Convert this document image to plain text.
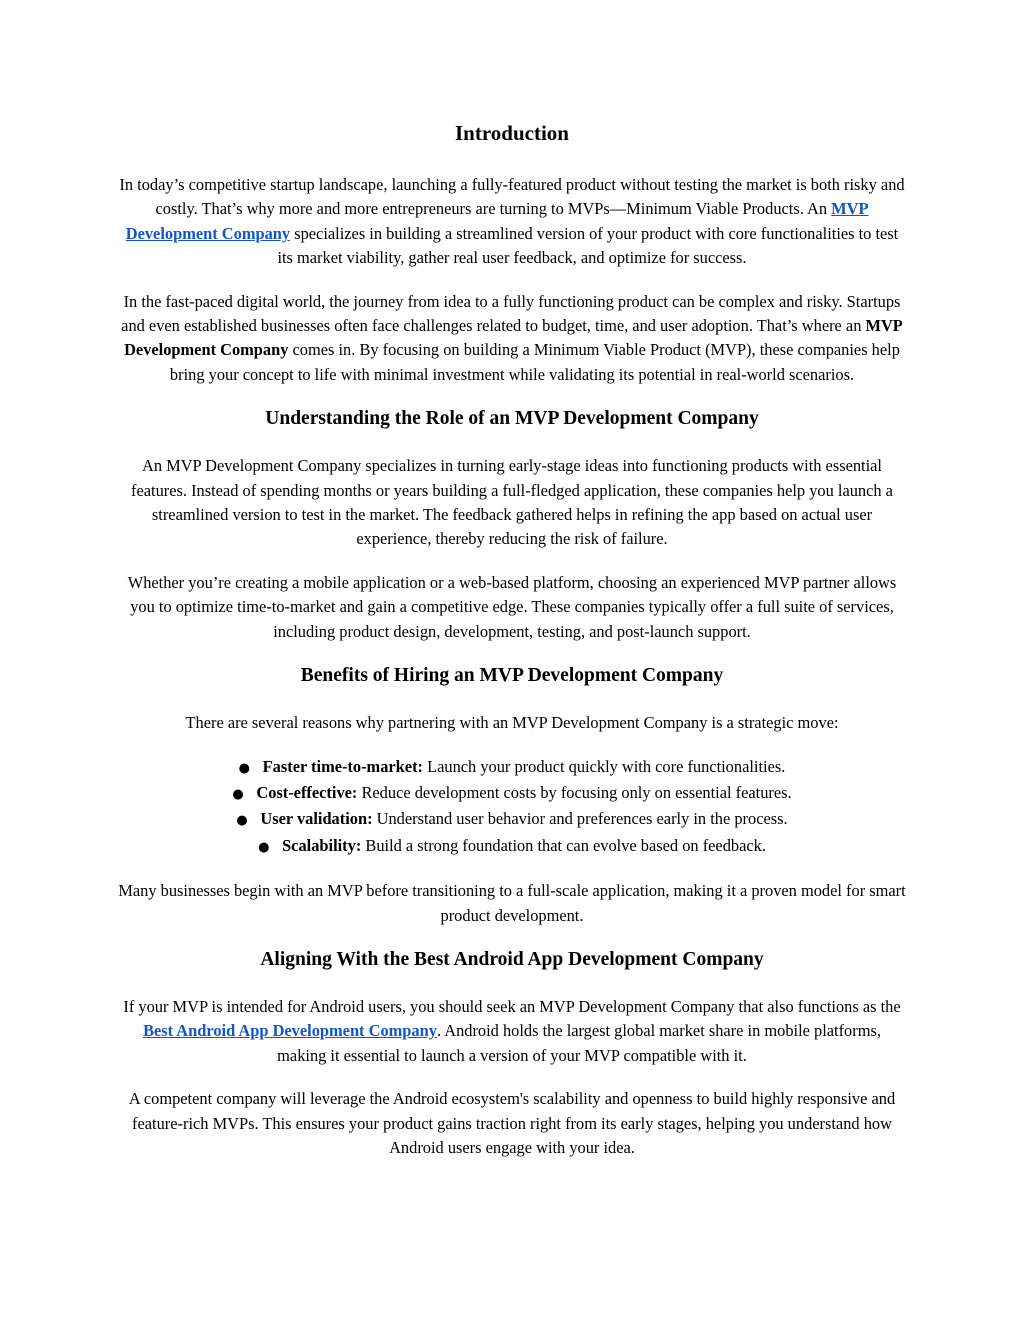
Introduction

In today’s competitive startup landscape, launching a fully-featured product without testing the market is both risky and costly. That’s why more and more entrepreneurs are turning to MVPs—Minimum Viable Products. An MVP Development Company specializes in building a streamlined version of your product with core functionalities to test its market viability, gather real user feedback, and optimize for success.

In the fast-paced digital world, the journey from idea to a fully functioning product can be complex and risky. Startups and even established businesses often face challenges related to budget, time, and user adoption. That’s where an MVP Development Company comes in. By focusing on building a Minimum Viable Product (MVP), these companies help bring your concept to life with minimal investment while validating its potential in real-world scenarios.

Understanding the Role of an MVP Development Company

An MVP Development Company specializes in turning early-stage ideas into functioning products with essential features. Instead of spending months or years building a full-fledged application, these companies help you launch a streamlined version to test in the market. The feedback gathered helps in refining the app based on actual user experience, thereby reducing the risk of failure.

Whether you’re creating a mobile application or a web-based platform, choosing an experienced MVP partner allows you to optimize time-to-market and gain a competitive edge. These companies typically offer a full suite of services, including product design, development, testing, and post-launch support.

Benefits of Hiring an MVP Development Company

There are several reasons why partnering with an MVP Development Company is a strategic move:

● Faster time-to-market: Launch your product quickly with core functionalities.
● Cost-effective: Reduce development costs by focusing only on essential features.
● User validation: Understand user behavior and preferences early in the process.
● Scalability: Build a strong foundation that can evolve based on feedback.

Many businesses begin with an MVP before transitioning to a full-scale application, making it a proven model for smart product development.

Aligning With the Best Android App Development Company

If your MVP is intended for Android users, you should seek an MVP Development Company that also functions as the Best Android App Development Company. Android holds the largest global market share in mobile platforms, making it essential to launch a version of your MVP compatible with it.

A competent company will leverage the Android ecosystem's scalability and openness to build highly responsive and feature-rich MVPs. This ensures your product gains traction right from its early stages, helping you understand how Android users engage with your idea.
